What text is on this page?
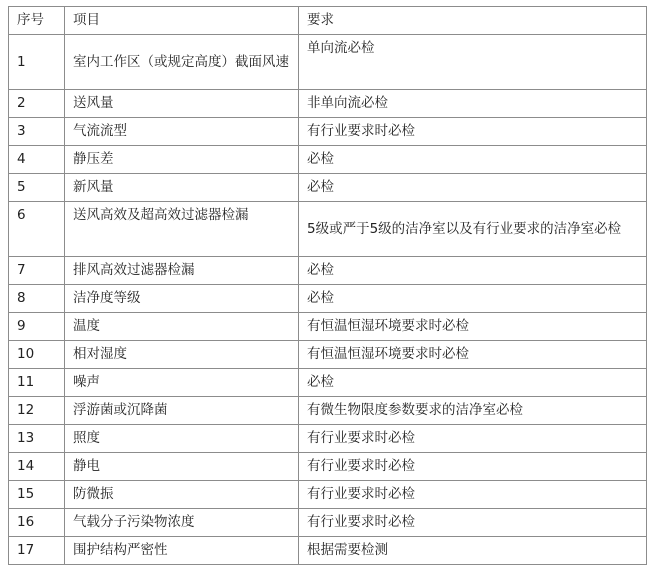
序号	项目	要求
1	室内工作区（或规定高度）截面风速	单向流必检
2	送风量	非单向流必检
3	气流流型	有行业要求时必检
4	静压差	必检
5	新风量	必检
6	送风高效及超高效过滤器检漏	5级或严于5级的洁净室以及有行业要求的洁净室必检
7	排风高效过滤器检漏	必检
8	洁净度等级	必检
9	温度	有恒温恒湿环境要求时必检
10	相对湿度	有恒温恒湿环境要求时必检
11	噪声	必检
12	浮游菌或沉降菌	有微生物限度参数要求的洁净室必检
13	照度	有行业要求时必检
14	静电	有行业要求时必检
15	防微振	有行业要求时必检
16	气载分子污染物浓度	有行业要求时必检
17	围护结构严密性	根据需要检测
